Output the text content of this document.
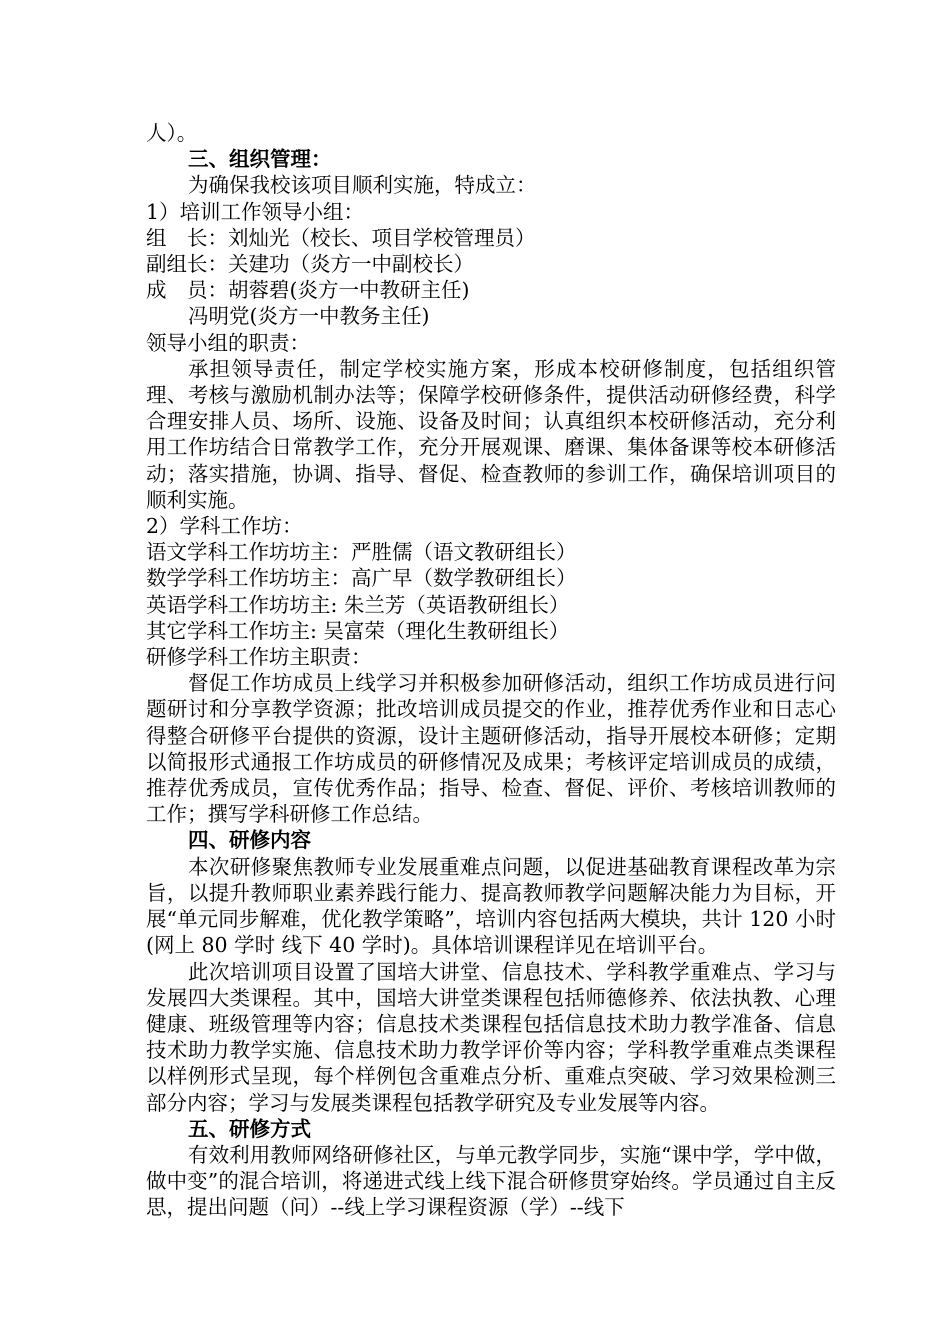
人）。

三、组织管理：

为确保我校该项目顺利实施，特成立：

1）培训工作领导小组：

组　长：刘灿光（校长、项目学校管理员）

副组长：关建功（炎方一中副校长）

成　员：胡蓉碧(炎方一中教研主任)

冯明党(炎方一中教务主任)

领导小组的职责：

承担领导责任，制定学校实施方案，形成本校研修制度，包括组织管理、考核与激励机制办法等；保障学校研修条件，提供活动研修经费，科学合理安排人员、场所、设施、设备及时间；认真组织本校研修活动，充分利用工作坊结合日常教学工作，充分开展观课、磨课、集体备课等校本研修活动；落实措施，协调、指导、督促、检查教师的参训工作，确保培训项目的顺利实施。

2）学科工作坊：

语文学科工作坊坊主：严胜儒（语文教研组长）

数学学科工作坊坊主：高广早（数学教研组长）

英语学科工作坊坊主: 朱兰芳（英语教研组长）

其它学科工作坊主: 吴富荣（理化生教研组长）

研修学科工作坊主职责：

督促工作坊成员上线学习并积极参加研修活动，组织工作坊成员进行问题研讨和分享教学资源；批改培训成员提交的作业，推荐优秀作业和日志心得整合研修平台提供的资源，设计主题研修活动，指导开展校本研修；定期以简报形式通报工作坊成员的研修情况及成果；考核评定培训成员的成绩，推荐优秀成员，宣传优秀作品；指导、检查、督促、评价、考核培训教师的工作；撰写学科研修工作总结。

四、研修内容

本次研修聚焦教师专业发展重难点问题，以促进基础教育课程改革为宗旨，以提升教师职业素养践行能力、提高教师教学问题解决能力为目标，开展“单元同步解难，优化教学策略”，培训内容包括两大模块，共计 120 小时(网上 80 学时 线下 40 学时)。具体培训课程详见在培训平台。

此次培训项目设置了国培大讲堂、信息技术、学科教学重难点、学习与发展四大类课程。其中，国培大讲堂类课程包括师德修养、依法执教、心理健康、班级管理等内容；信息技术类课程包括信息技术助力教学准备、信息技术助力教学实施、信息技术助力教学评价等内容；学科教学重难点类课程以样例形式呈现，每个样例包含重难点分析、重难点突破、学习效果检测三部分内容；学习与发展类课程包括教学研究及专业发展等内容。

五、研修方式

有效利用教师网络研修社区，与单元教学同步，实施“课中学，学中做，做中变”的混合培训，将递进式线上线下混合研修贯穿始终。学员通过自主反思，提出问题（问）--线上学习课程资源（学）--线下
